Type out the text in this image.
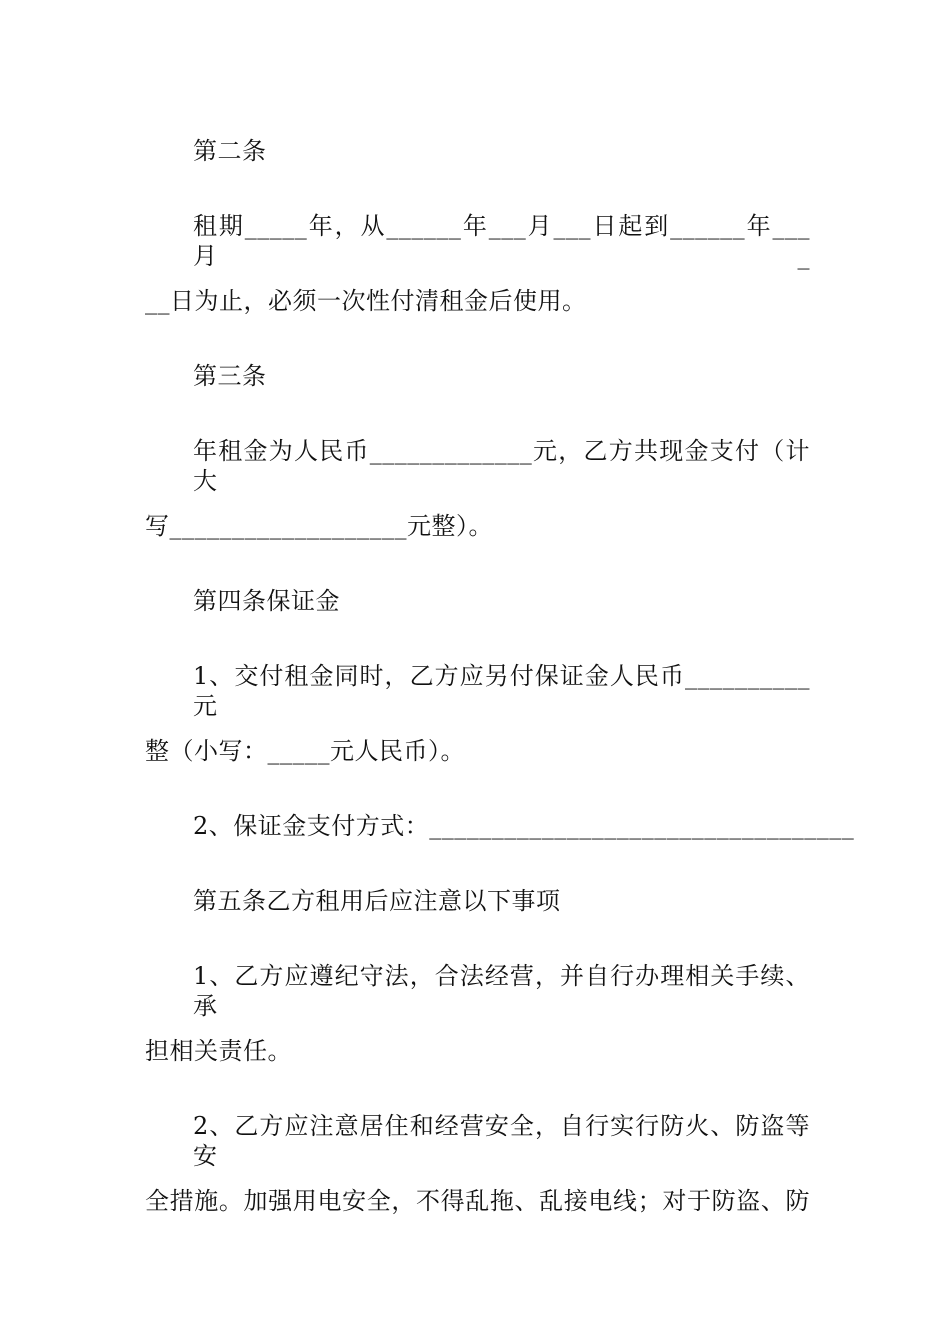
第二条

租期_____年，从______年___月___日起到______年___月_

__日为止，必须一次性付清租金后使用。

第三条

年租金为人民币_____________元，乙方共现金支付（计大

写___________________元整）。

第四条保证金

1、交付租金同时，乙方应另付保证金人民币__________元

整（小写：_____元人民币）。

2、保证金支付方式：__________________________________

第五条乙方租用后应注意以下事项

1、乙方应遵纪守法，合法经营，并自行办理相关手续、承

担相关责任。

2、乙方应注意居住和经营安全，自行实行防火、防盗等安

全措施。加强用电安全，不得乱拖、乱接电线；对于防盗、防
